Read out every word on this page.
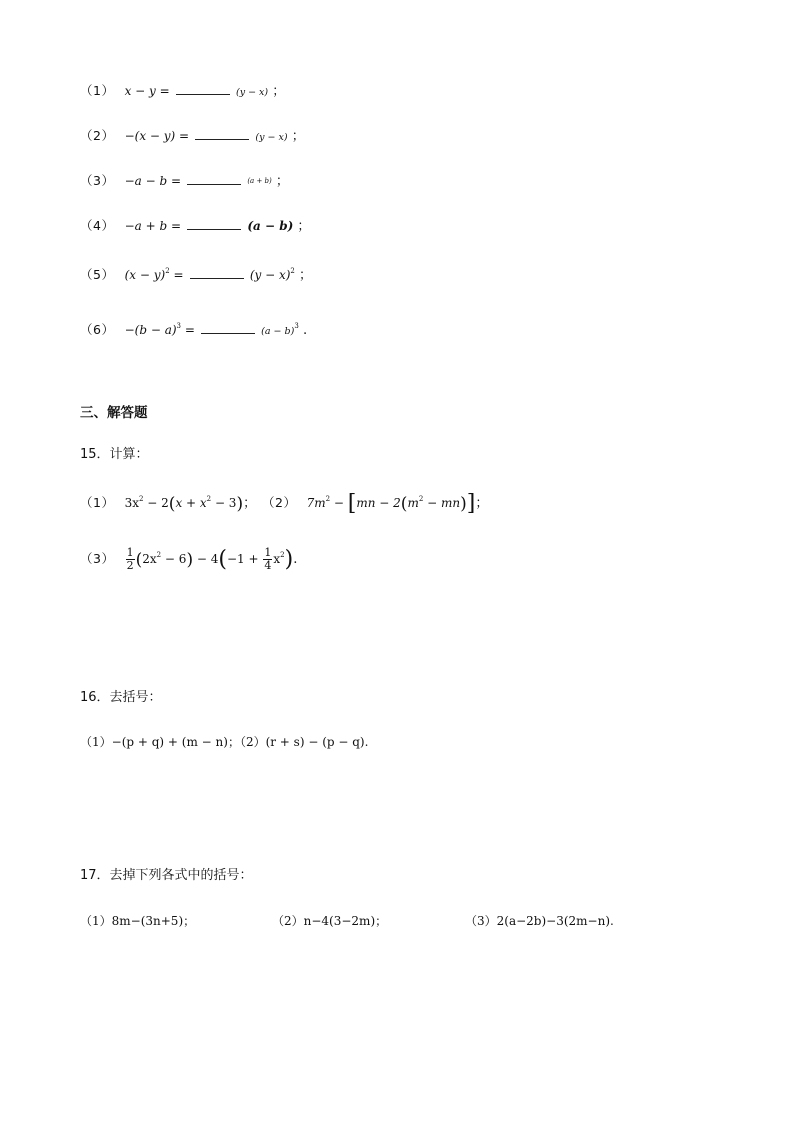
（1） x − y =	(y − x) ；
（2） −(x − y) =	(y − x) ；
（3） −a − b =	(a + b) ；
（4） −a + b =	(a − b) ；
（5） $(x - y)^2$ =	$(y - x)^2$ ；
$(6) -(b - a)^3$ =	$(a - b)^3$ .
三、解答题
15．计算：
（1） $3x^2 - 2(x + x^2 - 3)$； （2） $7m^2 - [mn - 2(m^2 - mn)]$；
$(3) \frac{1}{2} (2x^2 - 6) - 4(-1 + \frac{1}{4} x^2)$.
16．去括号：
（1）−(p + q) + (m − n)；（2）(r + s) − (p − q).
17．去掉下列各式中的括号：
（1）8m−(3n+5)；	（2）n−4(3−2m)；	（3）2(a−2b)−3(2m−n).
